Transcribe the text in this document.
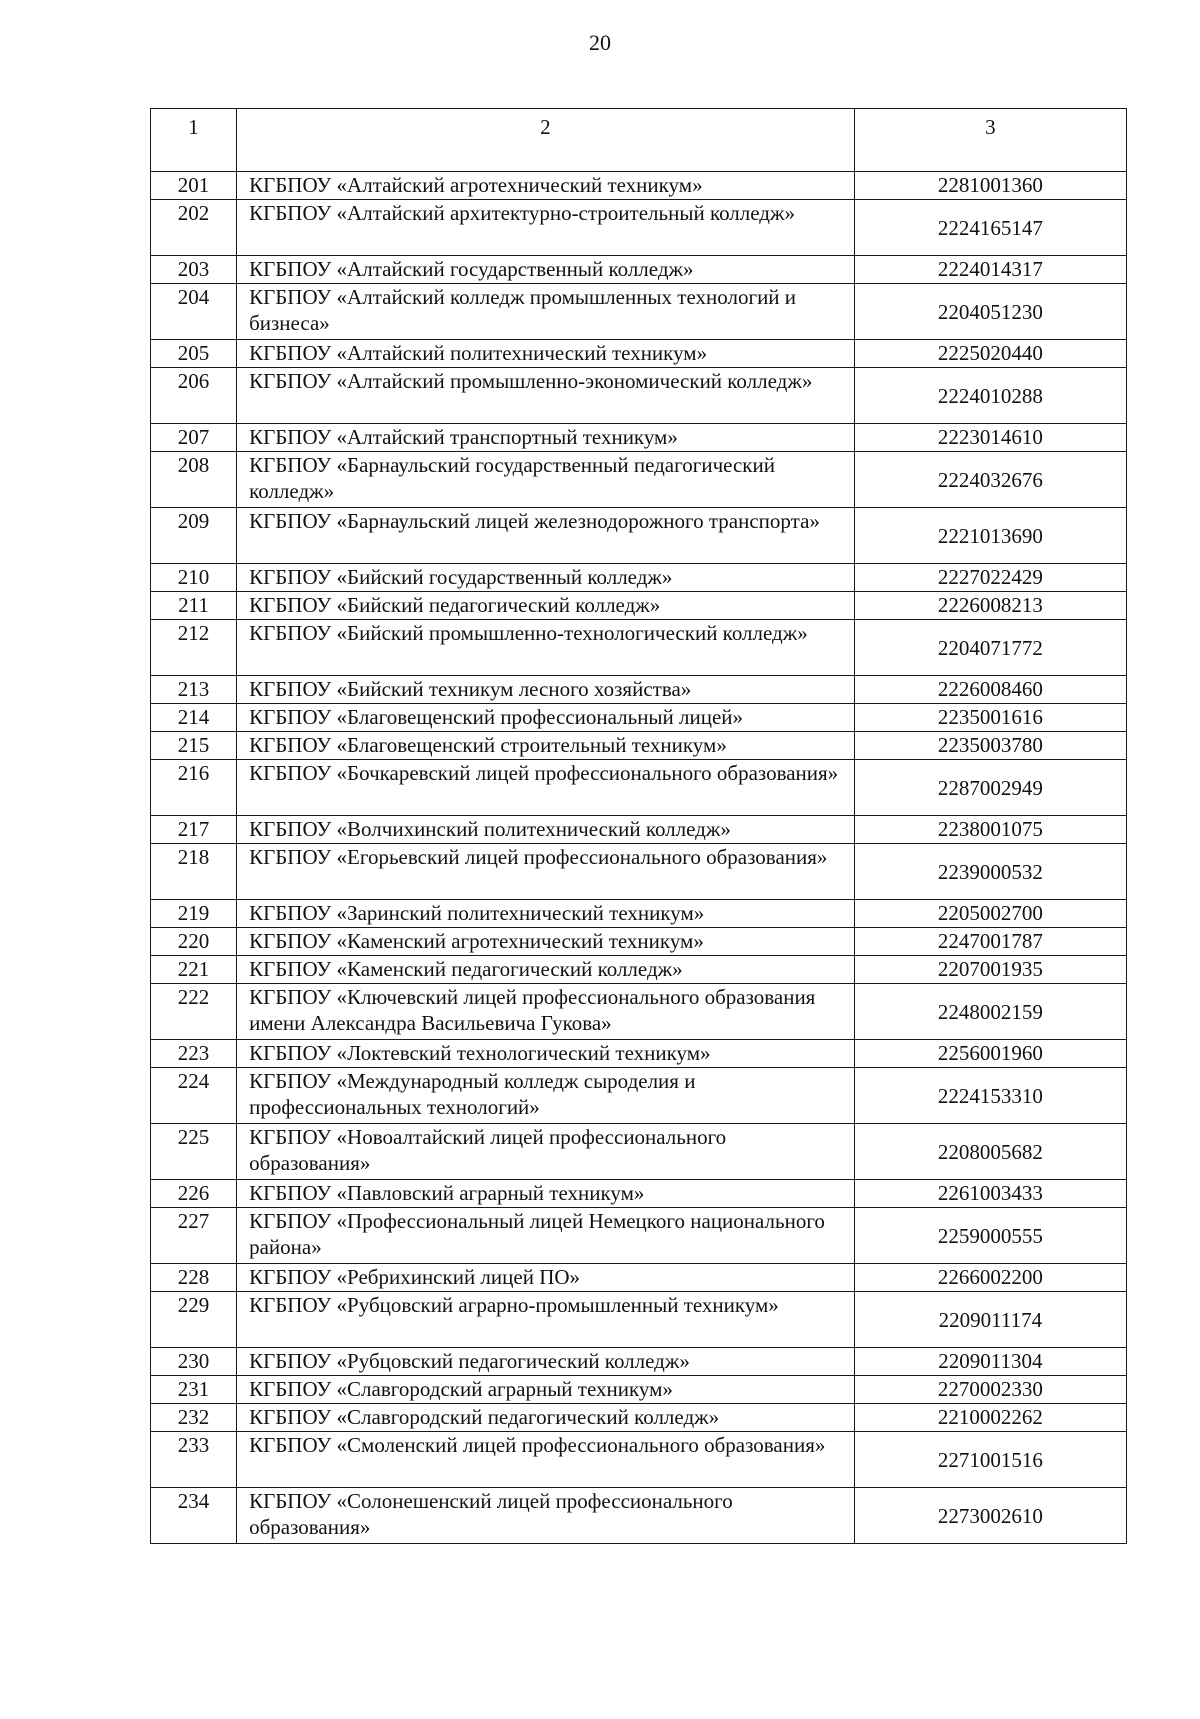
20
1	2	3
201	КГБПОУ «Алтайский агротехнический техникум»	2281001360
202	КГБПОУ «Алтайский архитектурно-строительный колледж»	2224165147
203	КГБПОУ «Алтайский государственный колледж»	2224014317
204	КГБПОУ «Алтайский колледж промышленных технологий и бизнеса»	2204051230
205	КГБПОУ «Алтайский политехнический техникум»	2225020440
206	КГБПОУ «Алтайский промышленно-экономический колледж»	2224010288
207	КГБПОУ «Алтайский транспортный техникум»	2223014610
208	КГБПОУ «Барнаульский государственный педагогический колледж»	2224032676
209	КГБПОУ «Барнаульский лицей железнодорожного транспорта»	2221013690
210	КГБПОУ «Бийский государственный колледж»	2227022429
211	КГБПОУ «Бийский педагогический колледж»	2226008213
212	КГБПОУ «Бийский промышленно-технологический колледж»	2204071772
213	КГБПОУ «Бийский техникум лесного хозяйства»	2226008460
214	КГБПОУ «Благовещенский профессиональный лицей»	2235001616
215	КГБПОУ «Благовещенский строительный техникум»	2235003780
216	КГБПОУ «Бочкаревский лицей профессионального образования»	2287002949
217	КГБПОУ «Волчихинский политехнический колледж»	2238001075
218	КГБПОУ «Егорьевский лицей профессионального образования»	2239000532
219	КГБПОУ «Заринский политехнический техникум»	2205002700
220	КГБПОУ «Каменский агротехнический техникум»	2247001787
221	КГБПОУ «Каменский педагогический колледж»	2207001935
222	КГБПОУ «Ключевский лицей профессионального образования имени Александра Васильевича Гукова»	2248002159
223	КГБПОУ «Локтевский технологический техникум»	2256001960
224	КГБПОУ «Международный колледж сыроделия и профессиональных технологий»	2224153310
225	КГБПОУ «Новоалтайский лицей профессионального образования»	2208005682
226	КГБПОУ «Павловский аграрный техникум»	2261003433
227	КГБПОУ «Профессиональный лицей Немецкого национального района»	2259000555
228	КГБПОУ «Ребрихинский лицей ПО»	2266002200
229	КГБПОУ «Рубцовский аграрно-промышленный техникум»	2209011174
230	КГБПОУ «Рубцовский педагогический колледж»	2209011304
231	КГБПОУ «Славгородский аграрный техникум»	2270002330
232	КГБПОУ «Славгородский педагогический колледж»	2210002262
233	КГБПОУ «Смоленский лицей профессионального образования»	2271001516
234	КГБПОУ «Солонешенский лицей профессионального образования»	2273002610
